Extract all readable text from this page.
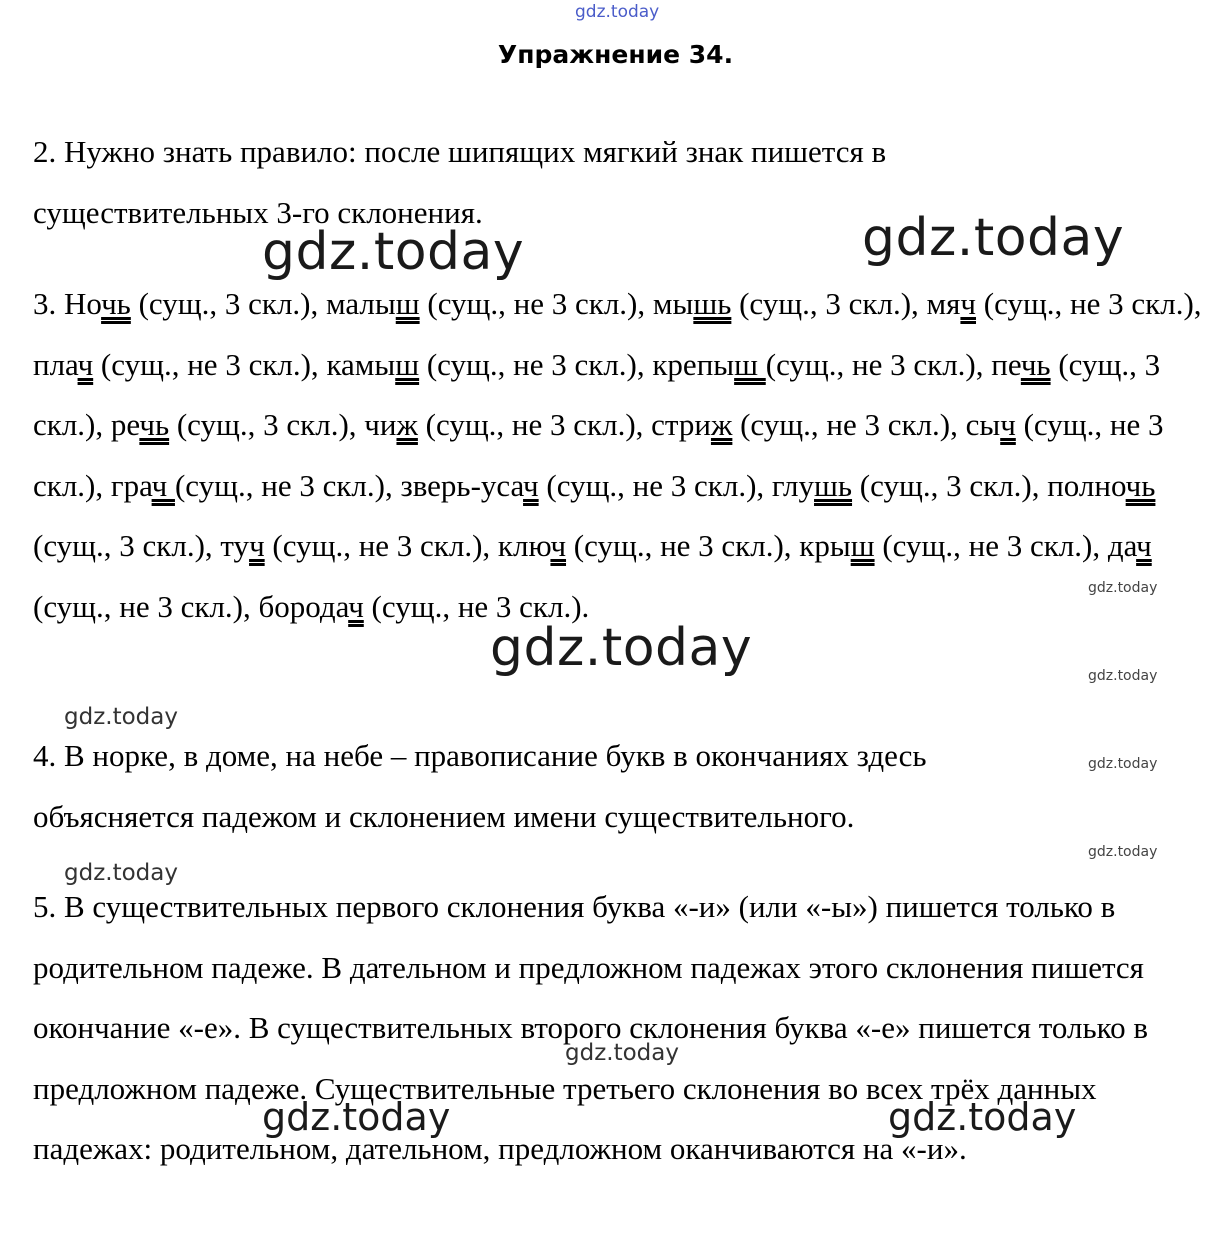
gdz.today
Упражнение 34.

2. Нужно знать правило: после шипящих мягкий знак пишется в существительных 3-го склонения.

3. Ночь (сущ., 3 скл.), малыш (сущ., не 3 скл.), мышь (сущ., 3 скл.), мяч (сущ., не 3 скл.), плач (сущ., не 3 скл.), камыш (сущ., не 3 скл.), крепыш (сущ., не 3 скл.), печь (сущ., 3 скл.), речь (сущ., 3 скл.), чиж (сущ., не 3 скл.), стриж (сущ., не 3 скл.), сыч (сущ., не 3 скл.), грач (сущ., не 3 скл.), зверь-усач (сущ., не 3 скл.), глушь (сущ., 3 скл.), полночь (сущ., 3 скл.), туч (сущ., не 3 скл.), ключ (сущ., не 3 скл.), крыш (сущ., не 3 скл.), дач (сущ., не 3 скл.), бородач (сущ., не 3 скл.).

4. В норке, в доме, на небе – правописание букв в окончаниях здесь объясняется падежом и склонением имени существительного.

5. В существительных первого склонения буква «-и» (или «-ы») пишется только в родительном падеже. В дательном и предложном падежах этого склонения пишется окончание «-е». В существительных второго склонения буква «-е» пишется только в предложном падеже. Существительные третьего склонения во всех трёх данных падежах: родительном, дательном, предложном оканчиваются на «-и».

gdz.today	gdz.today
gdz.today
gdz.today	gdz.today
gdz.today
gdz.today
gdz.today
gdz.today
gdz.today
gdz.today
gdz.today
